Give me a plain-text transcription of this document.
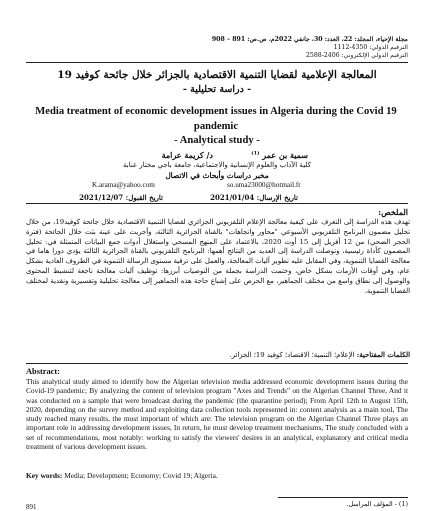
مجلة الإحياء، المجلد: 22، العدد: 30، جانفي 2022م، ص.ص: 891 – 908
الترقيم الدولي: 4350-1112
الترقيم الدولي الإلكتروني: 2406-2588
المعالجة الإعلامية لقضايا التنمية الاقتصادية بالجزائر خلال جائحة كوفيد 19
- دراسة تحليلية -
Media treatment of economic development issues in Algeria during the Covid 19 pandemic
- Analytical study -
سمية بن عمر $^{(1)}$
د/ كريمة عرامة
كلية الآداب والعلوم الإنسانية والاجتماعية، جامعة باجي مختار عنابة
مخبر دراسات وأبحاث في الاتصال
K.arama@yahoo.com	so.uma23000@hotmail.fr
تاريخ الإرسال: 2021/01/04
تاريخ القبول: 2021/12/07
الملخص:
تهدف هذه الدراسة إلى التعرف على كيفية معالجة الإعلام التلفزيوني الجزائري لقضايا التنمية الاقتصادية خلال جائحة كوفيد19، من خلال تحليل مضمون البرنامج التلفزيوني الأسبوعي "محاور واتجاهات" بالقناة الجزائرية الثالثة، وأجريت على عينة بثت خلال الجائحة (فترة الحجر الصحي) من 12 أفريل إلى 15 أوت 2020، بالاعتماد على المنهج المسحي واستغلال أدوات جمع البيانات المتمثلة في: تحليل المضمون كأداة رئيسية، وتوصلت الدراسة إلى العديد من النتائج أهمها: البرنامج التلفزيوني بالقناة الجزائرية الثالثة يؤدي دورا هاما في معالجة القضايا التنموية، وفي المقابل عليه تطوير آليات المعالجة، والعمل على ترقية مستوى الرسالة التنموية في الظروف العادية بشكل عام، وفي أوقات الأزمات بشكل خاص، وختمت الدراسة بجملة من التوصيات أبرزها: توظيف آليات معالجة ناجعة لتنشيط المحتوى والوصول إلى نطاق واسع من مختلف الجماهير، مع الحرص على إشباع حاجة هذه الجماهير إلى معالجة تحليلية وتفسيرية ونقدية لمختلف القضايا التنموية.
الكلمات المفتاحية: الإعلام؛ التنمية؛ الاقتصاد؛ كوفيد 19؛ الجزائر.
Abstract:
This analytical study aimed to identify how the Algerian television media addressed economic development issues during the Covid-19 pandemic; By analyzing the content of television program "Axes and Trends" on the Algerian Channel Three, And it was conducted on a sample that were broadcast during the pandemic (the quarantine period); From April 12th to August 15th, 2020, depending on the survey method and exploiting data collection tools represented in: content analysis as a main tool, The study reached many results, the most important of which are: The television program on the Algerian Channel Three plays an important role in addressing development issues, In return, he must develop treatment mechanisms, The study concluded with a set of recommendations, most notably: working to satisfy the viewers' desires in an analytical, explanatory and critical media treatment of various development issues.
Key words: Media; Development; Economy; Covid 19; Algeria.
(1) - المؤلف المراسل.
891
